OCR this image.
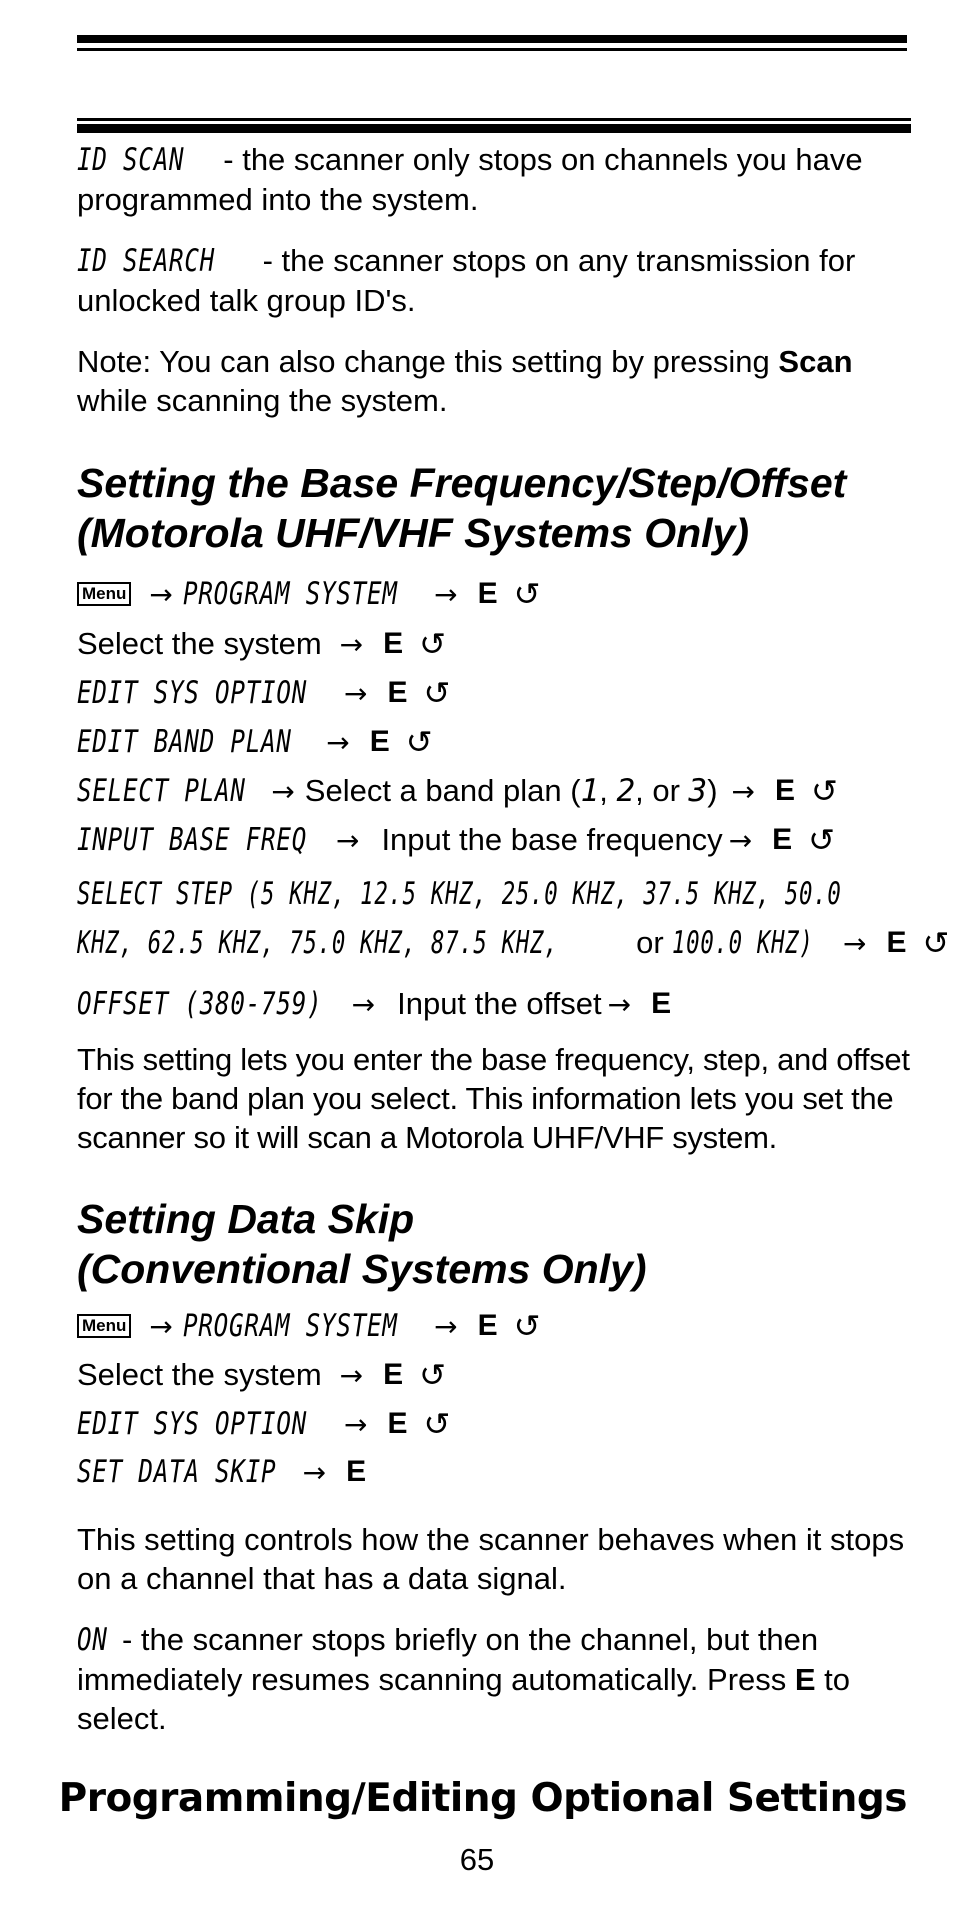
ID SCAN - the scanner only stops on channels you have programmed into the system.

ID SEARCH - the scanner stops on any transmission for unlocked talk group ID's.

Note: You can also change this setting by pressing Scan while scanning the system.

Setting the Base Frequency/Step/Offset
(Motorola UHF/VHF Systems Only)
Menu → PROGRAM SYSTEM → E ↺
Select the system → E ↺
EDIT SYS OPTION → E ↺
EDIT BAND PLAN → E ↺
SELECT PLAN → Select a band plan ( 1 , 2 , or 3 ) → E ↺
INPUT BASE FREQ → Input the base frequency → E ↺
SELECT STEP (5 KHZ, 12.5 KHZ, 25.0 KHZ, 37.5 KHZ, 50.0
KHZ, 62.5 KHZ, 75.0 KHZ, 87.5 KHZ, or 100.0 KHZ) → E ↺
OFFSET (380-759) → Input the offset → E

This setting lets you enter the base frequency, step, and offset for the band plan you select. This information lets you set the scanner so it will scan a Motorola UHF/VHF system.

Setting Data Skip
(Conventional Systems Only)
Menu → PROGRAM SYSTEM → E ↺
Select the system → E ↺
EDIT SYS OPTION → E ↺
SET DATA SKIP → E

This setting controls how the scanner behaves when it stops on a channel that has a data signal.

ON - the scanner stops briefly on the channel, but then immediately resumes scanning automatically. Press E to select.

Programming/Editing Optional Settings
65
